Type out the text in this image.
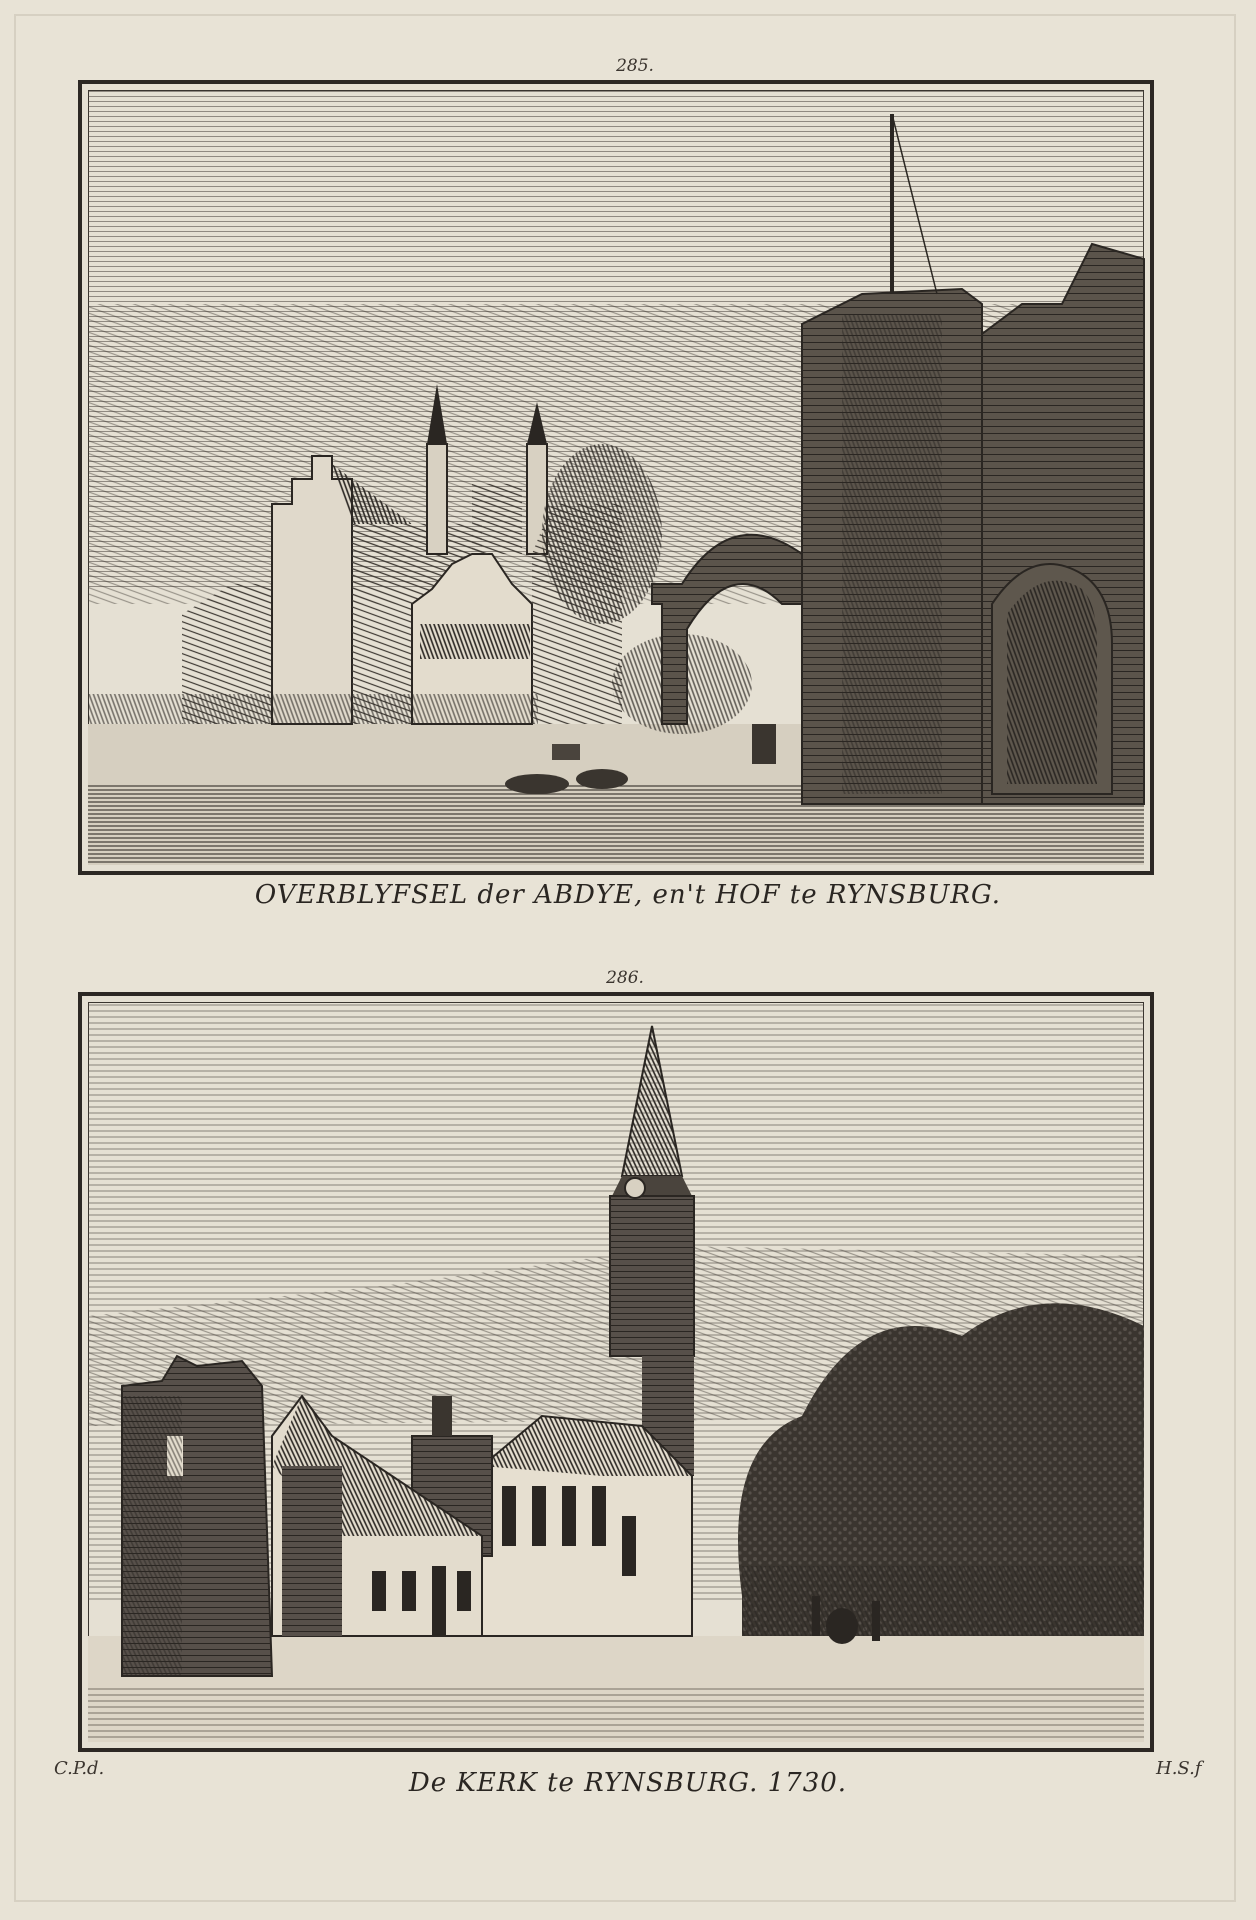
285.
OVERBLYFSEL der ABDYE, en't HOF te RYNSBURG.
286.
C.P.d.	H.S.f
De KERK te RYNSBURG. 1730.
